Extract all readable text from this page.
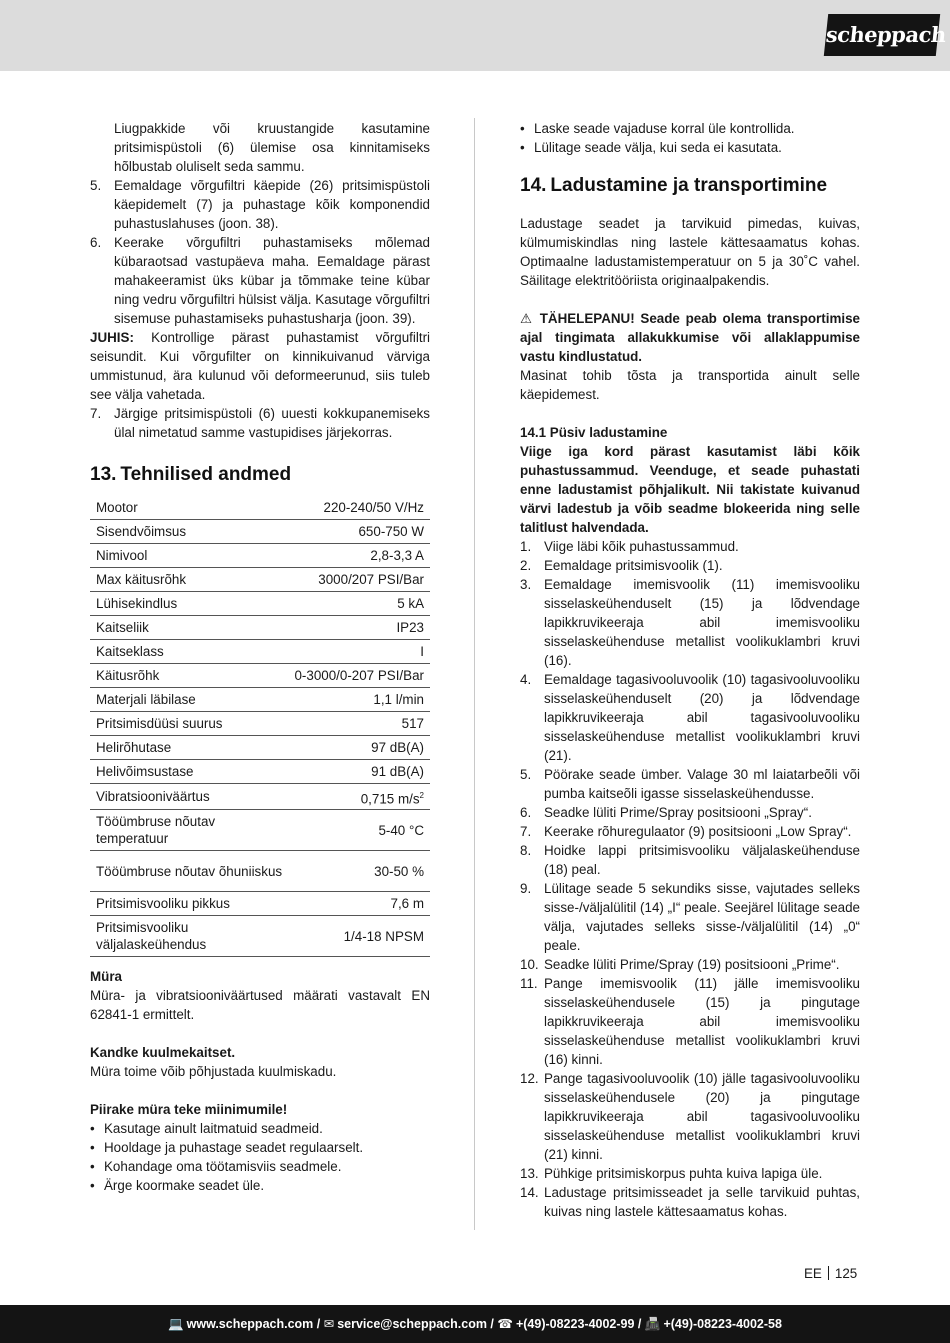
scheppach

Liugpakkide või kruustangide kasutamine pritsimispüstoli (6) ülemise osa kinnitamiseks hõlbustab oluliselt seda sammu.

5. Eemaldage võrgufiltri käepide (26) pritsimispüstoli käepidemelt (7) ja puhastage kõik komponendid puhastuslahuses (joon. 38).
6. Keerake võrgufiltri puhastamiseks mõlemad kübaraotsad vastupäeva maha. Eemaldage pärast mahakeeramist üks kübar ja tõmmake teine kübar ning vedru võrgufiltri hülsist välja. Kasutage võrgufiltri sisemuse puhastamiseks puhastusharja (joon. 39).

JUHIS: Kontrollige pärast puhastamist võrgufiltri seisundit. Kui võrgufilter on kinnikuivanud värviga ummistunud, ära kulunud või deformeerunud, siis tuleb see välja vahetada.

7. Järgige pritsimispüstoli (6) uuesti kokkupanemiseks ülal nimetatud samme vastupidises järjekorras.
13. Tehnilised andmed
Mootor	220-240/50 V/Hz
Sisendvõimsus	650-750 W
Nimivool	2,8-3,3 A
Max käitusrõhk	3000/207 PSI/Bar
Lühisekindlus	5 kA
Kaitseliik	IP23
Kaitseklass	I
Käitusrõhk	0-3000/0-207 PSI/Bar
Materjali läbilase	1,1 l/min
Pritsimisdüüsi suurus	517
Helirõhutase	97 dB(A)
Helivõimsustase	91 dB(A)
Vibratsiooniväärtus	0,715 $m/s^2$
Tööümbruse nõutav temperatuur	5-40 °C
Tööümbruse nõutav õhuniiskus	30-50 %
Pritsimisvooliku pikkus	7,6 m
Pritsimisvooliku väljalaskeühendus	1/4-18 NPSM

Müra

Müra- ja vibratsiooniväärtused määrati vastavalt EN 62841-1 ermittelt.

Kandke kuulmekaitset.

Müra toime võib põhjustada kuulmiskadu.

Piirake müra teke miinimumile!

• Kasutage ainult laitmatuid seadmeid.
• Hooldage ja puhastage seadet regulaarselt.
• Kohandage oma töötamisviis seadmele.
• Ärge koormake seadet üle.
• Laske seade vajaduse korral üle kontrollida.
• Lülitage seade välja, kui seda ei kasutata.
14. Ladustamine ja transportimine

Ladustage seadet ja tarvikuid pimedas, kuivas, külmumiskindlas ning lastele kättesaamatus kohas. Optimaalne ladustamistemperatuur on 5 ja 30˚C vahel. Säilitage elektritööriista originaalpakendis.

⚠ TÄHELEPANU! Seade peab olema transportimise ajal tingimata allakukkumise või allaklappumise vastu kindlustatud.

Masinat tohib tõsta ja transportida ainult selle käepidemest.

14.1 Püsiv ladustamine

Viige iga kord pärast kasutamist läbi kõik puhastussammud. Veenduge, et seade puhastati enne ladustamist põhjalikult. Nii takistate kuivanud värvi ladestub ja võib seadme blokeerida ning selle talitlust halvendada.

1. Viige läbi kõik puhastussammud.
2. Eemaldage pritsimisvoolik (1).
3. Eemaldage imemisvoolik (11) imemisvooliku sisselaskeühenduselt (15) ja lõdvendage lapikkruvikeeraja abil imemisvooliku sisselaskeühenduse metallist voolikuklambri kruvi (16).
4. Eemaldage tagasivooluvoolik (10) tagasivooluvooliku sisselaskeühenduselt (20) ja lõdvendage lapikkruvikeeraja abil tagasivooluvooliku sisselaskeühenduse metallist voolikuklambri kruvi (21).
5. Pöörake seade ümber. Valage 30 ml laiatarbeõli või pumba kaitseõli igasse sisselaskeühendusse.
6. Seadke lüliti Prime/Spray positsiooni „Spray“.
7. Keerake rõhuregulaator (9) positsiooni „Low Spray“.
8. Hoidke lappi pritsimisvooliku väljalaskeühenduse (18) peal.
9. Lülitage seade 5 sekundiks sisse, vajutades selleks sisse-/väljalülitil (14) „I“ peale. Seejärel lülitage seade välja, vajutades selleks sisse-/väljalülitil (14) „0“ peale.
10. Seadke lüliti Prime/Spray (19) positsiooni „Prime“.
11. Pange imemisvoolik (11) jälle imemisvooliku sisselaskeühendusele (15) ja pingutage lapikkruvikeeraja abil imemisvooliku sisselaskeühenduse metallist voolikuklambri kruvi (16) kinni.
12. Pange tagasivooluvoolik (10) jälle tagasivooluvooliku sisselaskeühendusele (20) ja pingutage lapikkruvikeeraja abil tagasivooluvooliku sisselaskeühenduse metallist voolikuklambri kruvi (21) kinni.
13. Pühkige pritsimiskorpus puhta kuiva lapiga üle.
14. Ladustage pritsimisseadet ja selle tarvikuid puhtas, kuivas ning lastele kättesaamatus kohas.
EE 125
💻 www.scheppach.com / ✉ service@scheppach.com / ☎ +(49)-08223-4002-99 / 📠 +(49)-08223-4002-58
